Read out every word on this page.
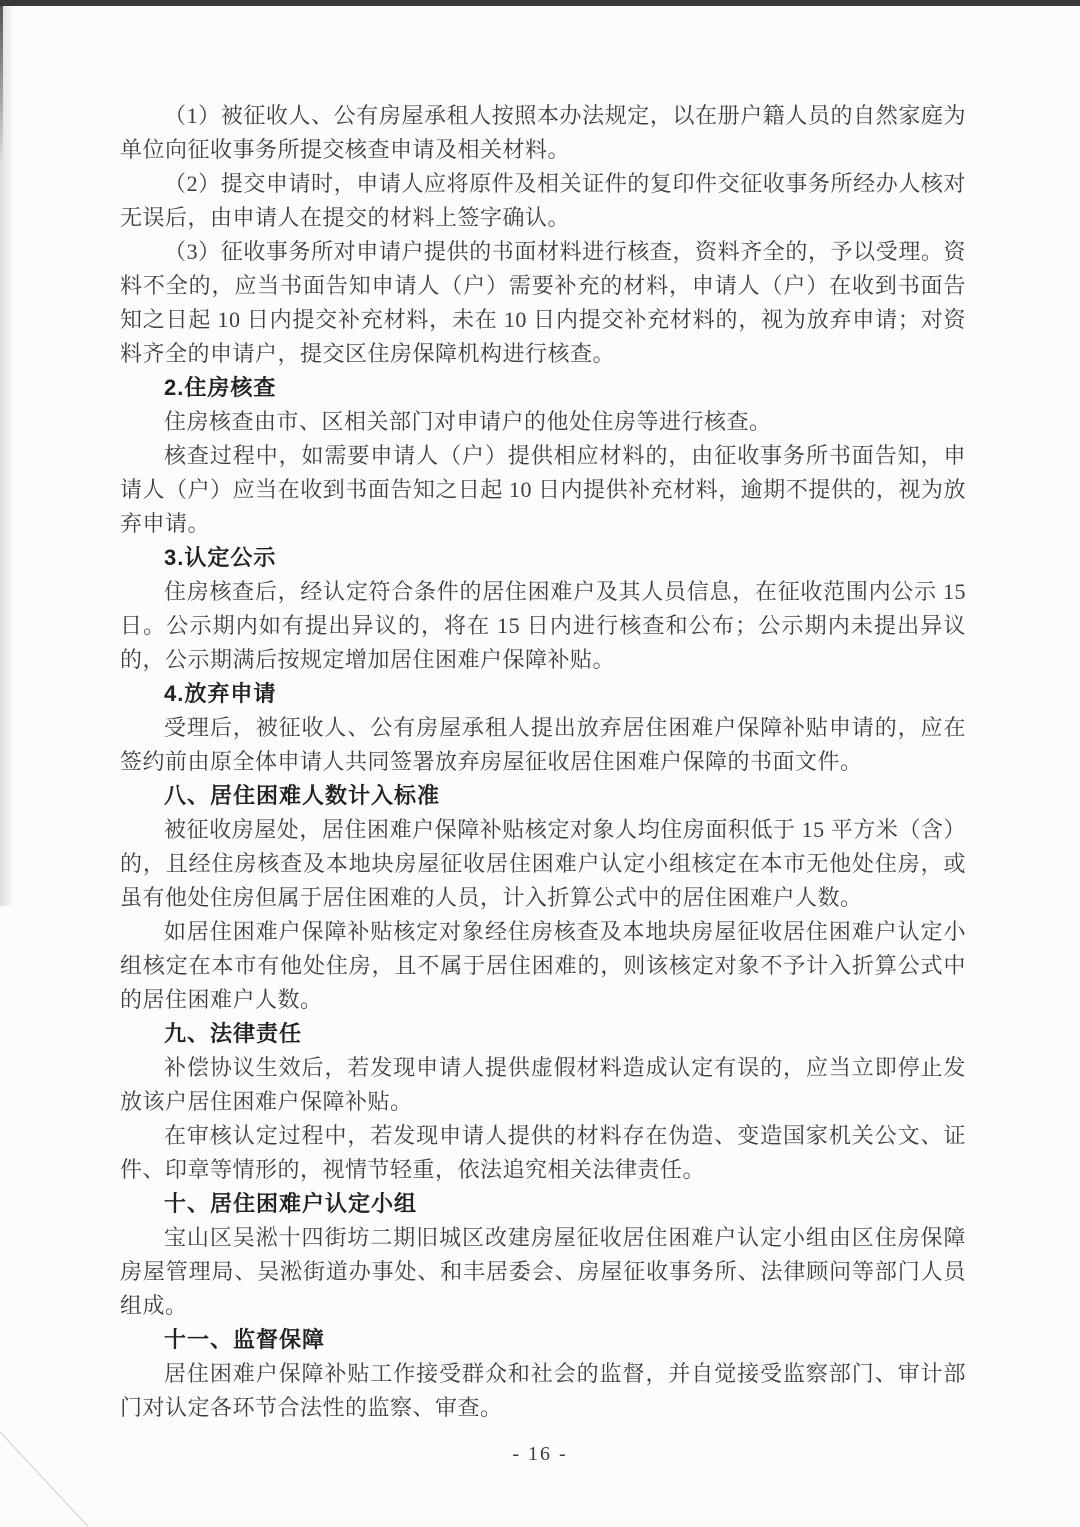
（1）被征收人、公有房屋承租人按照本办法规定，以在册户籍人员的自然家庭为单位向征收事务所提交核查申请及相关材料。

（2）提交申请时，申请人应将原件及相关证件的复印件交征收事务所经办人核对无误后，由申请人在提交的材料上签字确认。

（3）征收事务所对申请户提供的书面材料进行核查，资料齐全的，予以受理。资料不全的，应当书面告知申请人（户）需要补充的材料，申请人（户）在收到书面告知之日起 10 日内提交补充材料，未在 10 日内提交补充材料的，视为放弃申请；对资料齐全的申请户，提交区住房保障机构进行核查。

2.住房核查

住房核查由市、区相关部门对申请户的他处住房等进行核查。

核查过程中，如需要申请人（户）提供相应材料的，由征收事务所书面告知，申请人（户）应当在收到书面告知之日起 10 日内提供补充材料，逾期不提供的，视为放弃申请。

3.认定公示

住房核查后，经认定符合条件的居住困难户及其人员信息，在征收范围内公示 15 日。公示期内如有提出异议的，将在 15 日内进行核查和公布；公示期内未提出异议的，公示期满后按规定增加居住困难户保障补贴。

4.放弃申请

受理后，被征收人、公有房屋承租人提出放弃居住困难户保障补贴申请的，应在签约前由原全体申请人共同签署放弃房屋征收居住困难户保障的书面文件。

八、居住困难人数计入标准

被征收房屋处，居住困难户保障补贴核定对象人均住房面积低于 15 平方米（含）的，且经住房核查及本地块房屋征收居住困难户认定小组核定在本市无他处住房，或虽有他处住房但属于居住困难的人员，计入折算公式中的居住困难户人数。

如居住困难户保障补贴核定对象经住房核查及本地块房屋征收居住困难户认定小组核定在本市有他处住房，且不属于居住困难的，则该核定对象不予计入折算公式中的居住困难户人数。

九、法律责任

补偿协议生效后，若发现申请人提供虚假材料造成认定有误的，应当立即停止发放该户居住困难户保障补贴。

在审核认定过程中，若发现申请人提供的材料存在伪造、变造国家机关公文、证件、印章等情形的，视情节轻重，依法追究相关法律责任。

十、居住困难户认定小组

宝山区吴淞十四街坊二期旧城区改建房屋征收居住困难户认定小组由区住房保障房屋管理局、吴淞街道办事处、和丰居委会、房屋征收事务所、法律顾问等部门人员组成。

十一、监督保障

居住困难户保障补贴工作接受群众和社会的监督，并自觉接受监察部门、审计部门对认定各环节合法性的监察、审查。

- 16 -
